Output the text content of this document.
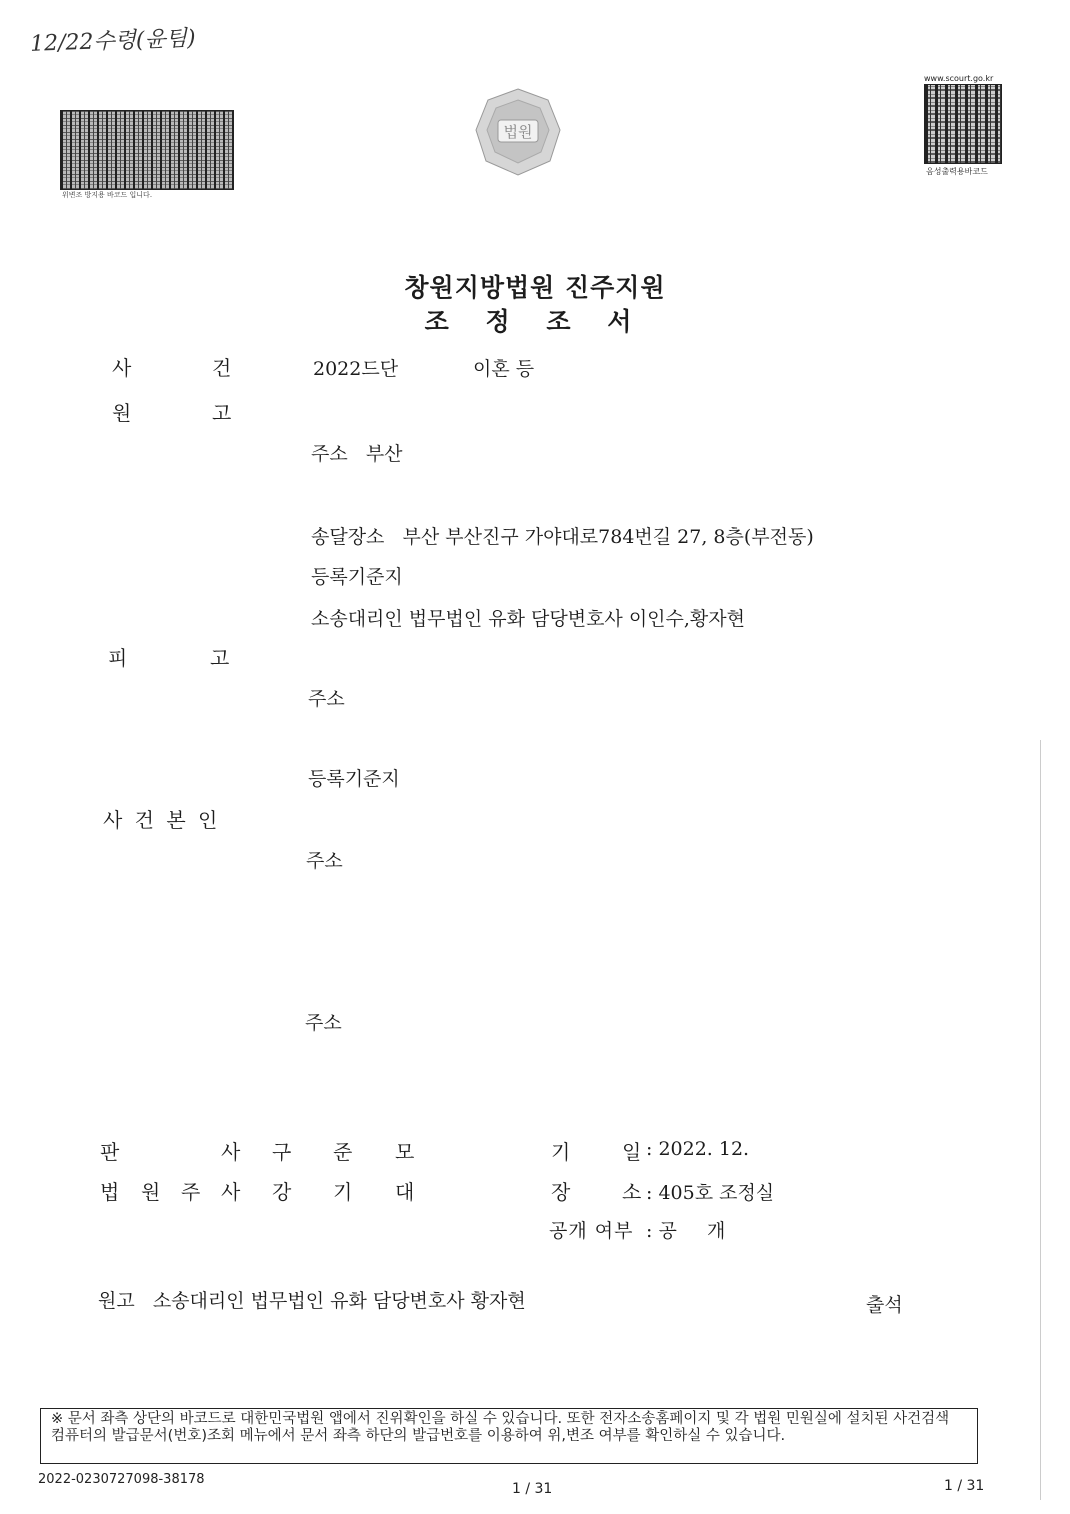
12/22수령(윤팀)
위변조 방지용 바코드 입니다.
법원
www.scourt.go.kr
음성출력용바코드
창원지방법원 진주지원
조 정 조 서
사	건	2022드단	이혼 등
원	고
주소   부산
송달장소   부산 부산진구 가야대로784번길 27, 8층(부전동)
등록기준지
소송대리인 법무법인 유화 담당변호사 이인수,황자현
피	고
주소
등록기준지
사 건 본 인
주소
주소
판	사 구 준 모
법 원 주 사 강 기 대
기	일 : 2022. 12.
장	소 : 405호 조정실
공개 여부 : 공     개
원고   소송대리인 법무법인 유화 담당변호사 황자현	출석
※ 문서 좌측 상단의 바코드로 대한민국법원 앱에서 진위확인을 하실 수 있습니다. 또한 전자소송홈페이지 및 각 법원 민원실에 설치된 사건검색 컴퓨터의 발급문서(번호)조회 메뉴에서 문서 좌측 하단의 발급번호를 이용하여 위,변조 여부를 확인하실 수 있습니다.
2022-0230727098-38178
1 / 31	1 / 31
